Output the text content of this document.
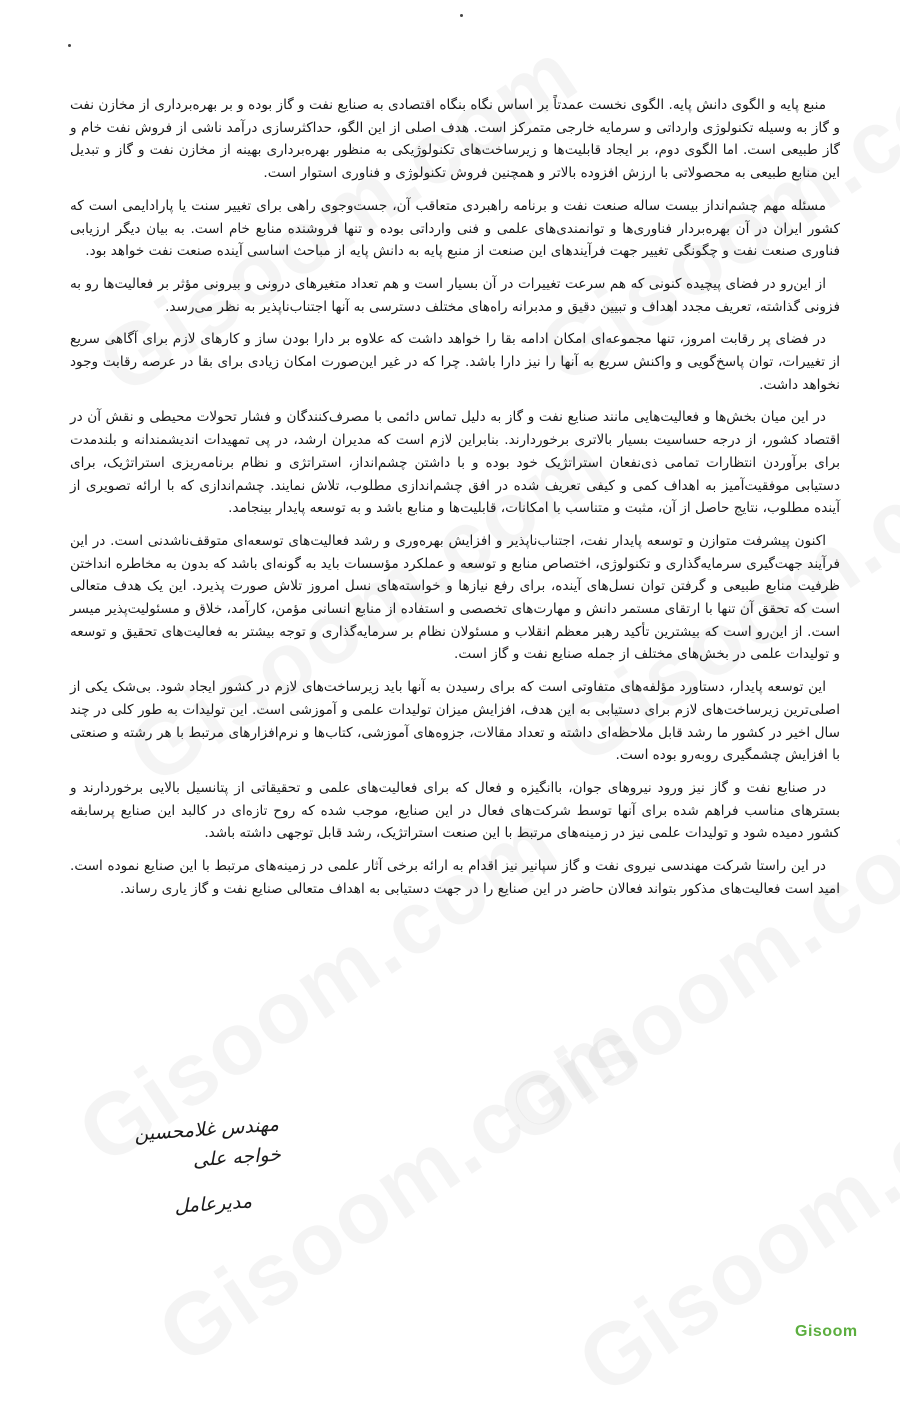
منبع پایه و الگوی دانش پایه. الگوی نخست عمدتاً بر اساس نگاه بنگاه اقتصادی به صنایع نفت و گاز بوده و بر بهره‌برداری از مخازن نفت و گاز به وسیله تکنولوژی وارداتی و سرمایه خارجی متمرکز است. هدف اصلی از این الگو، حداکثرسازی درآمد ناشی از فروش نفت خام و گاز طبیعی است. اما الگوی دوم، بر ایجاد قابلیت‌ها و زیرساخت‌های تکنولوژیکی به منظور بهره‌برداری بهینه از مخازن نفت و گاز و تبدیل این منابع طبیعی به محصولاتی با ارزش افزوده بالاتر و همچنین فروش تکنولوژی و فناوری استوار است.

مسئله مهم چشم‌انداز بیست ساله صنعت نفت و برنامه راهبردی متعاقب آن، جست‌وجوی راهی برای تغییر سنت یا پارادایمی است که کشور ایران در آن بهره‌بردار فناوری‌ها و توانمندی‌های علمی و فنی وارداتی بوده و تنها فروشنده منابع خام است. به بیان دیگر ارزیابی فناوری صنعت نفت و چگونگی تغییر جهت فرآیندهای این صنعت از منبع پایه به دانش پایه از مباحث اساسی آینده صنعت نفت خواهد بود.

از این‌رو در فضای پیچیده کنونی که هم سرعت تغییرات در آن بسیار است و هم تعداد متغیرهای درونی و بیرونی مؤثر بر فعالیت‌ها رو به فزونی گذاشته، تعریف مجدد اهداف و تبیین دقیق و مدبرانه راه‌های مختلف دسترسی به آنها اجتناب‌ناپذیر به نظر می‌رسد.

در فضای پر رقابت امروز، تنها مجموعه‌ای امکان ادامه بقا را خواهد داشت که علاوه بر دارا بودن ساز و کارهای لازم برای آگاهی سریع از تغییرات، توان پاسخ‌گویی و واکنش سریع به آنها را نیز دارا باشد. چرا که در غیر این‌صورت امکان زیادی برای بقا در عرصه رقابت وجود نخواهد داشت.

در این میان بخش‌ها و فعالیت‌هایی مانند صنایع نفت و گاز به دلیل تماس دائمی با مصرف‌کنندگان و فشار تحولات محیطی و نقش آن در اقتصاد کشور، از درجه حساسیت بسیار بالاتری برخوردارند. بنابراین لازم است که مدیران ارشد، در پی تمهیدات اندیشمندانه و بلندمدت برای برآوردن انتظارات تمامی ذی‌نفعان استراتژیک خود بوده و با داشتن چشم‌انداز، استراتژی و نظام برنامه‌ریزی استراتژیک، برای دستیابی موفقیت‌آمیز به اهداف کمی و کیفی تعریف شده در افق چشم‌اندازی مطلوب، تلاش نمایند. چشم‌اندازی که با ارائه تصویری از آینده مطلوب، نتایج حاصل از آن، مثبت و متناسب با امکانات، قابلیت‌ها و منابع باشد و به توسعه پایدار بینجامد.

اکنون پیشرفت متوازن و توسعه پایدار نفت، اجتناب‌ناپذیر و افزایش بهره‌وری و رشد فعالیت‌های توسعه‌ای متوقف‌ناشدنی است. در این فرآیند جهت‌گیری سرمایه‌گذاری و تکنولوژی، اختصاص منابع و توسعه و عملکرد مؤسسات باید به گونه‌ای باشد که بدون به مخاطره انداختن ظرفیت منابع طبیعی و گرفتن توان نسل‌های آینده، برای رفع نیازها و خواسته‌های نسل امروز تلاش صورت پذیرد. این یک هدف متعالی است که تحقق آن تنها با ارتقای مستمر دانش و مهارت‌های تخصصی و استفاده از منابع انسانی مؤمن، کارآمد، خلاق و مسئولیت‌پذیر میسر است. از این‌رو است که بیشترین تأکید رهبر معظم انقلاب و مسئولان نظام بر سرمایه‌گذاری و توجه بیشتر به فعالیت‌های تحقیق و توسعه و تولیدات علمی در بخش‌های مختلف از جمله صنایع نفت و گاز است.

این توسعه پایدار، دستاورد مؤلفه‌های متفاوتی است که برای رسیدن به آنها باید زیرساخت‌های لازم در کشور ایجاد شود. بی‌شک یکی از اصلی‌ترین زیرساخت‌های لازم برای دستیابی به این هدف، افزایش میزان تولیدات علمی و آموزشی است. این تولیدات به طور کلی در چند سال اخیر در کشور ما رشد قابل ملاحظه‌ای داشته و تعداد مقالات، جزوه‌های آموزشی، کتاب‌ها و نرم‌افزارهای مرتبط با هر رشته و صنعتی با افزایش چشمگیری روبه‌رو بوده است.

در صنایع نفت و گاز نیز ورود نیروهای جوان، باانگیزه و فعال که برای فعالیت‌های علمی و تحقیقاتی از پتانسیل بالایی برخوردارند و بسترهای مناسب فراهم شده برای آنها توسط شرکت‌های فعال در این صنایع، موجب شده که روح تازه‌ای در کالبد این صنایع پرسابقه کشور دمیده شود و تولیدات علمی نیز در زمینه‌های مرتبط با این صنعت استراتژیک، رشد قابل توجهی داشته باشد.

در این راستا شرکت مهندسی نیروی نفت و گاز سپانیر نیز اقدام به ارائه برخی آثار علمی در زمینه‌های مرتبط با این صنایع نموده است. امید است فعالیت‌های مذکور بتواند فعالان حاضر در این صنایع را در جهت دستیابی به اهداف متعالی صنایع نفت و گاز یاری رساند.

مهندس غلامحسین خواجه علی
مدیرعامل
Gisoom
